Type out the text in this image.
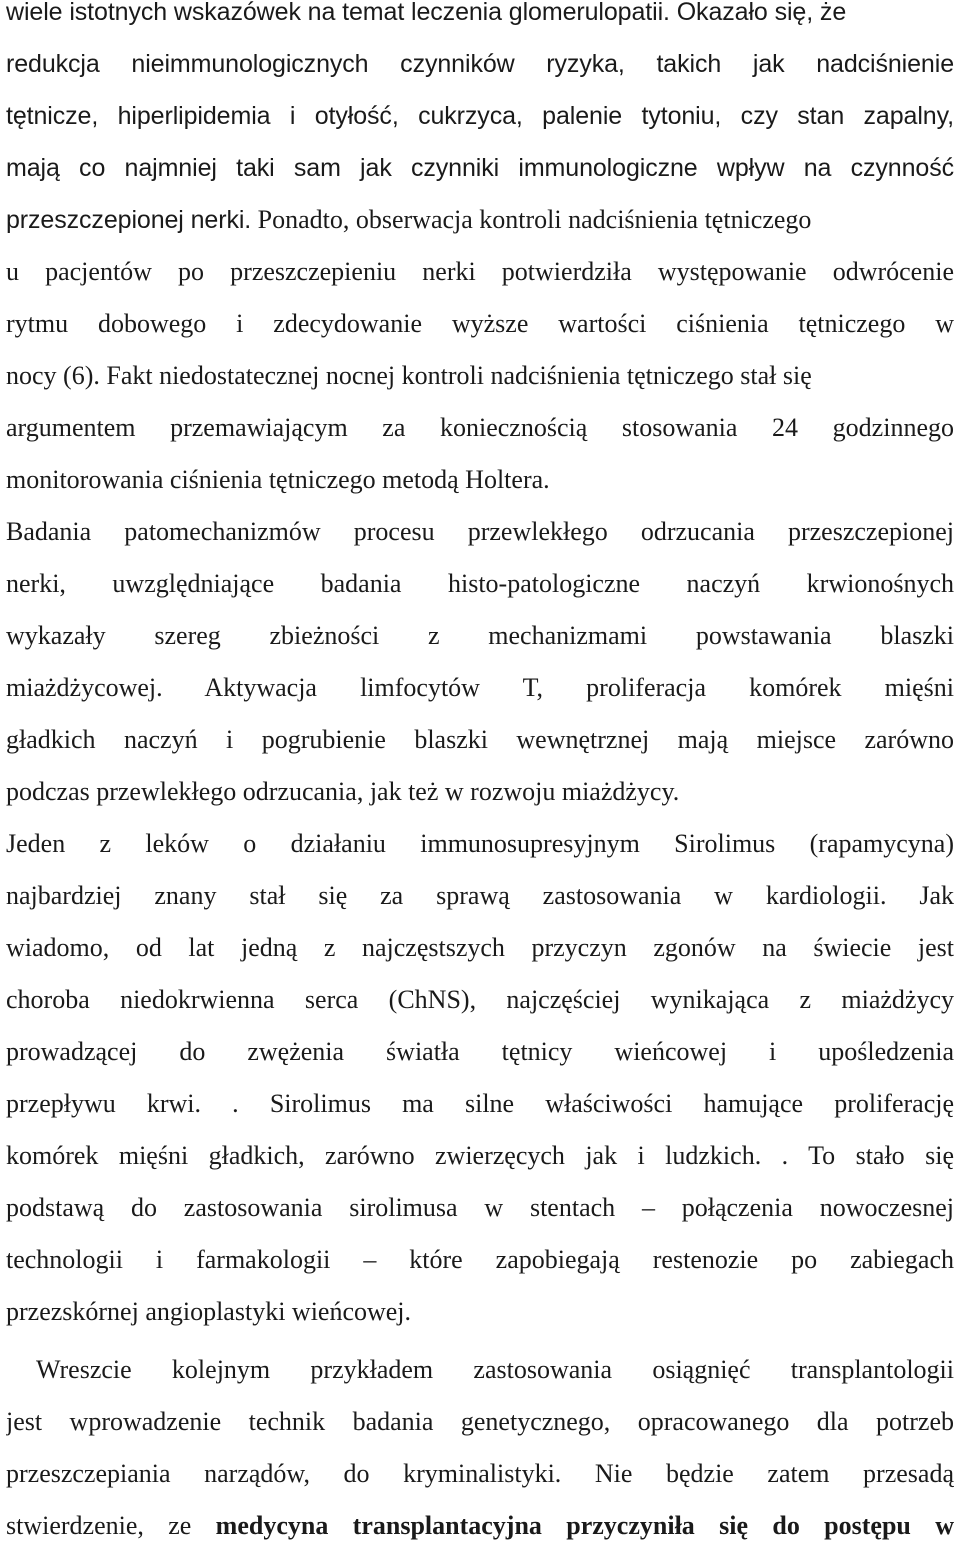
wiele istotnych wskazówek na temat leczenia glomerulopatii. Okazało się, że
redukcja nieimmunologicznych czynników ryzyka, takich jak nadciśnienie
tętnicze, hiperlipidemia i otyłość, cukrzyca, palenie tytoniu, czy stan zapalny,
mają co najmniej taki sam jak czynniki immunologiczne wpływ na czynność
przeszczepionej nerki. Ponadto, obserwacja kontroli nadciśnienia tętniczego
u pacjentów po przeszczepieniu nerki potwierdziła występowanie odwrócenie
rytmu dobowego i zdecydowanie wyższe wartości ciśnienia tętniczego w
nocy (6). Fakt niedostatecznej nocnej kontroli nadciśnienia tętniczego stał się
argumentem przemawiającym za koniecznością stosowania 24 godzinnego
monitorowania ciśnienia tętniczego metodą Holtera.
Badania patomechanizmów procesu przewlekłego odrzucania przeszczepionej
nerki, uwzględniające badania histo-patologiczne naczyń krwionośnych
wykazały szereg zbieżności z mechanizmami powstawania blaszki
miażdżycowej. Aktywacja limfocytów T, proliferacja komórek mięśni
gładkich naczyń i pogrubienie blaszki wewnętrznej mają miejsce zarówno
podczas przewlekłego odrzucania, jak też w rozwoju miażdżycy.
Jeden z leków o działaniu immunosupresyjnym Sirolimus (rapamycyna)
najbardziej znany stał się za sprawą zastosowania w kardiologii. Jak
wiadomo, od lat jedną z najczęstszych przyczyn zgonów na świecie jest
choroba niedokrwienna serca (ChNS), najczęściej wynikająca z miażdżycy
prowadzącej do zwężenia światła tętnicy wieńcowej i upośledzenia
przepływu krwi. . Sirolimus ma silne właściwości hamujące proliferację
komórek mięśni gładkich, zarówno zwierzęcych jak i ludzkich. . To stało się
podstawą do zastosowania sirolimusa w stentach – połączenia nowoczesnej
technologii i farmakologii – które zapobiegają restenozie po zabiegach
przezskórnej angioplastyki wieńcowej.
Wreszcie kolejnym przykładem zastosowania osiągnięć transplantologii
jest wprowadzenie technik badania genetycznego, opracowanego dla potrzeb
przeszczepiania narządów, do kryminalistyki. Nie będzie zatem przesadą
stwierdzenie, ze medycyna transplantacyjna przyczyniła się do postępu w
